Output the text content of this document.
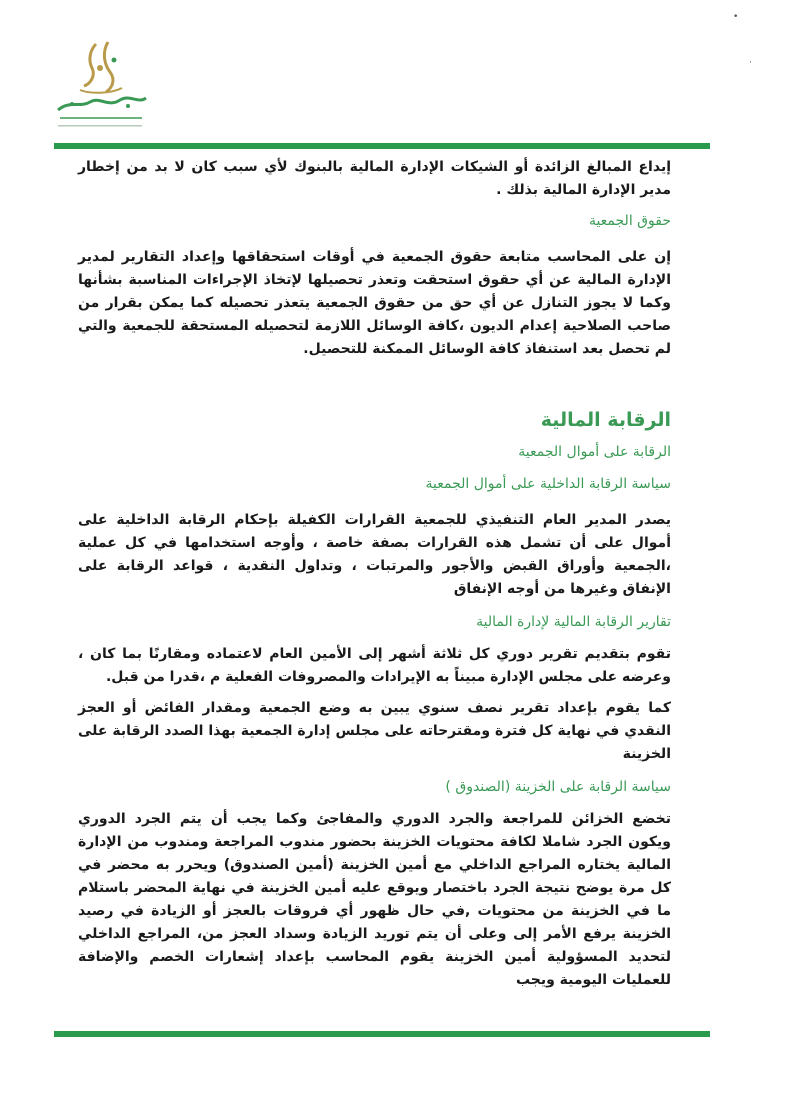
•
·

إيداع المبالغ الزائدة أو الشيكات الإدارة المالية بالبنوك لأي سبب كان لا بد من إخطار مدير الإدارة المالية بذلك .

حقوق الجمعية

إن على المحاسب متابعة حقوق الجمعية في أوقات استحقاقها وإعداد التقارير لمدير الإدارة المالية عن أي حقوق استحقت وتعذر تحصيلها لإتخاذ الإجراءات المناسبة بشأنها وكما لا يجوز التنازل عن أي حق من حقوق الجمعية يتعذر تحصيله كما يمكن بقرار من صاحب الصلاحية إعدام الديون ،كافة الوسائل اللازمة لتحصيله المستحقة للجمعية والتي لم تحصل بعد استنفاذ كافة الوسائل الممكنة للتحصيل.

الرقابة المالية

الرقابة على أموال الجمعية

سياسة الرقابة الداخلية على أموال الجمعية

يصدر المدير العام التنفيذي للجمعية القرارات الكفيلة بإحكام الرقابة الداخلية على أموال على أن تشمل هذه القرارات بصفة خاصة ، وأوجه استخدامها في كل عملية ،الجمعية وأوراق القبض والأجور والمرتبات ، وتداول النقدية ، قواعد الرقابة على الإنفاق وغيرها من أوجه الإنفاق

تقارير الرقابة المالية لإدارة المالية

تقوم بتقديم تقرير دوري كل ثلاثة أشهر إلى الأمين العام لاعتماده ومقارنًا بما كان ، وعرضه على مجلس الإدارة مبيناً به الإيرادات والمصروفات الفعلية م ،قدرا من قبل.

كما يقوم بإعداد تقرير نصف سنوي يبين به وضع الجمعية ومقدار الفائض أو العجز النقدي في نهاية كل فترة ومقترحاته على مجلس إدارة الجمعية بهذا الصدد الرقابة على الخزينة

سياسة الرقابة على الخزينة (الصندوق )

تخضع الخزائن للمراجعة والجرد الدوري والمفاجئ وكما يجب أن يتم الجرد الدوري ويكون الجرد شاملا لكافة محتويات الخزينة بحضور مندوب المراجعة ومندوب من الإدارة المالية يختاره المراجع الداخلي مع أمين الخزينة (أمين الصندوق) ويحرر به محضر في كل مرة يوضح نتيجة الجرد باختصار ويوقع عليه أمين الخزينة في نهاية المحضر باستلام ما في الخزينة من محتويات ,في حال ظهور أي فروقات بالعجز أو الزيادة في رصيد الخزينة يرفع الأمر إلى وعلى أن يتم توريد الزيادة وسداد العجز من، المراجع الداخلي لتحديد المسؤولية أمين الخزينة يقوم المحاسب بإعداد إشعارات الخصم والإضافة للعمليات اليومية ويجب
